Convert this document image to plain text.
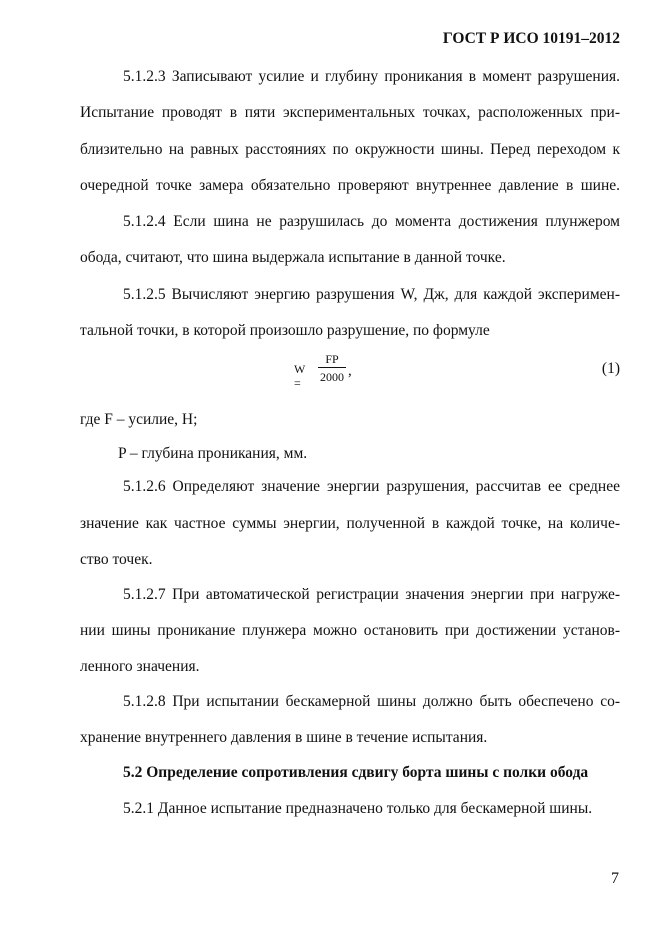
ГОСТ Р ИСО 10191–2012
5.1.2.3 Записывают усилие и глубину проникания в момент разрушения.
Испытание проводят в пяти экспериментальных точках, расположенных при-
близительно на равных расстояниях по окружности шины. Перед переходом к
очередной точке замера обязательно проверяют внутреннее давление в шине.
5.1.2.4 Если шина не разрушилась до момента достижения плунжером
обода, считают, что шина выдержала испытание в данной точке.
5.1.2.5 Вычисляют энергию разрушения W, Дж, для каждой эксперимен-
тальной точки, в которой произошло разрушение, по формуле
W =	$\frac{FP}{2000}$ ,	(1)
где F – усилие, Н;
P – глубина проникания, мм.
5.1.2.6 Определяют значение энергии разрушения, рассчитав ее среднее
значение как частное суммы энергии, полученной в каждой точке, на количе-
ство точек.
5.1.2.7 При автоматической регистрации значения энергии при нагруже-
нии шины проникание плунжера можно остановить при достижении установ-
ленного значения.
5.1.2.8 При испытании бескамерной шины должно быть обеспечено со-
хранение внутреннего давления в шине в течение испытания.
5.2 Определение сопротивления сдвигу борта шины с полки обода
5.2.1 Данное испытание предназначено только для бескамерной шины.
7
